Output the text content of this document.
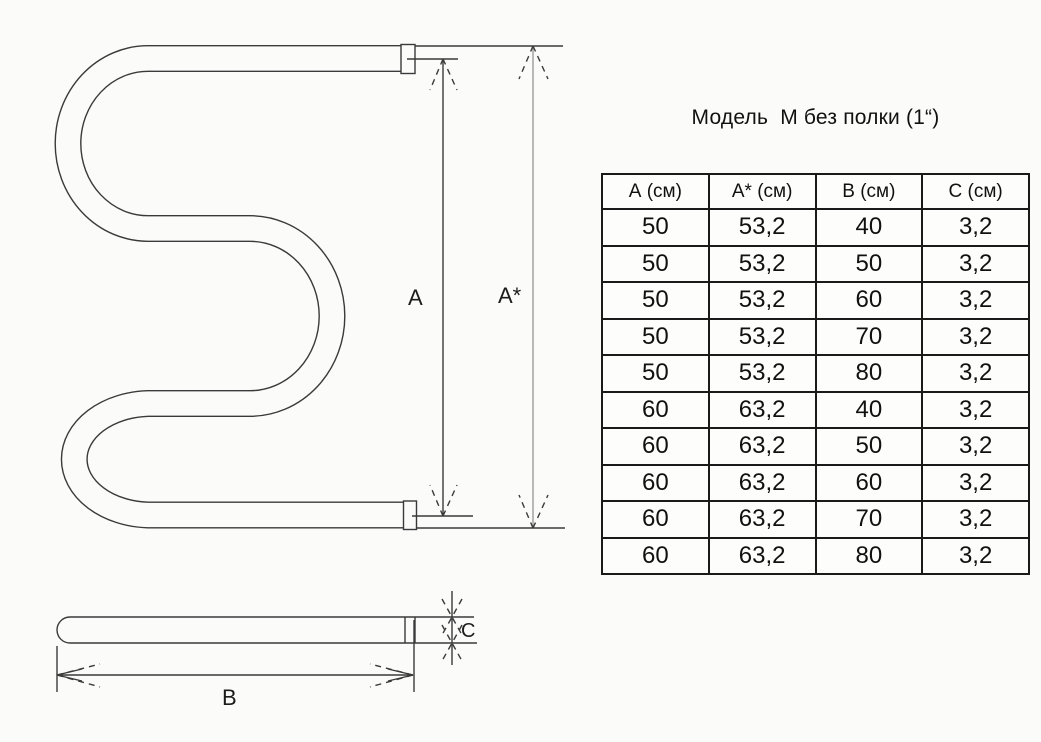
А	А*
С
В
Модель  М без полки (1“)
А (см)	А* (см)	В (см)	С (см)
50	53,2	40	3,2
50	53,2	50	3,2
50	53,2	60	3,2
50	53,2	70	3,2
50	53,2	80	3,2
60	63,2	40	3,2
60	63,2	50	3,2
60	63,2	60	3,2
60	63,2	70	3,2
60	63,2	80	3,2
